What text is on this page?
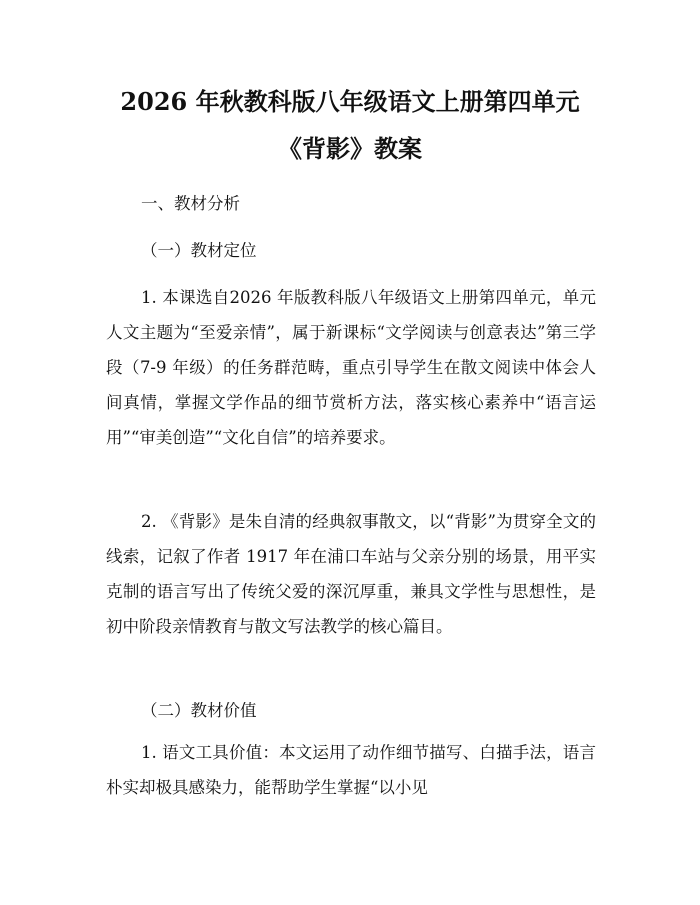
2026 年秋教科版八年级语文上册第四单元
《背影》教案
一、教材分析
（一）教材定位

1. 本课选自2026 年版教科版八年级语文上册第四单元，单元人文主题为“至爱亲情”，属于新课标“文学阅读与创意表达”第三学段（7-9 年级）的任务群范畴，重点引导学生在散文阅读中体会人间真情，掌握文学作品的细节赏析方法，落实核心素养中“语言运用”“审美创造”“文化自信”的培养要求。

2. 《背影》是朱自清的经典叙事散文，以“背影”为贯穿全文的线索，记叙了作者 1917 年在浦口车站与父亲分别的场景，用平实克制的语言写出了传统父爱的深沉厚重，兼具文学性与思想性，是初中阶段亲情教育与散文写法教学的核心篇目。

（二）教材价值

1. 语文工具价值：本文运用了动作细节描写、白描手法，语言朴实却极具感染力，能帮助学生掌握“以小见
